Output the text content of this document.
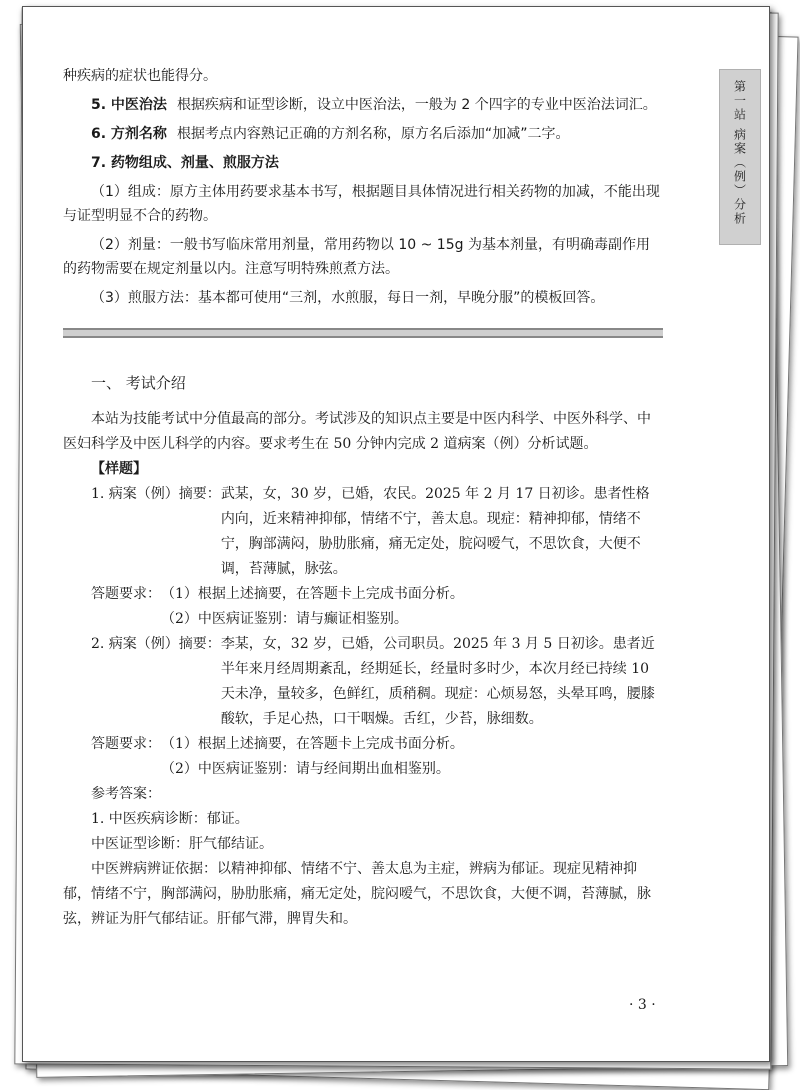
第一站 病案（例）分析

种疾病的症状也能得分。

5. 中医治法 根据疾病和证型诊断，设立中医治法，一般为 2 个四字的专业中医治法词汇。

6. 方剂名称 根据考点内容熟记正确的方剂名称，原方名后添加“加减”二字。

7. 药物组成、剂量、煎服方法

（1）组成：原方主体用药要求基本书写，根据题目具体情况进行相关药物的加减，不能出现与证型明显不合的药物。

（2）剂量：一般书写临床常用剂量，常用药物以 10 ~ 15g 为基本剂量，有明确毒副作用的药物需要在规定剂量以内。注意写明特殊煎煮方法。

（3）煎服方法：基本都可使用“三剂，水煎服，每日一剂，早晚分服”的模板回答。

一、 考试介绍

本站为技能考试中分值最高的部分。考试涉及的知识点主要是中医内科学、中医外科学、中医妇科学及中医儿科学的内容。要求考生在 50 分钟内完成 2 道病案（例）分析试题。

【样题】

1. 病案（例）摘要： 武某，女，30 岁，已婚，农民。2025 年 2 月 17 日初诊。患者性格内向，近来精神抑郁，情绪不宁，善太息。现症：精神抑郁，情绪不宁，胸部满闷，胁肋胀痛，痛无定处，脘闷嗳气，不思饮食，大便不调，苔薄腻，脉弦。
答题要求： （1）根据上述摘要，在答题卡上完成书面分析。

（2）中医病证鉴别：请与癫证相鉴别。

2. 病案（例）摘要： 李某，女，32 岁，已婚，公司职员。2025 年 3 月 5 日初诊。患者近半年来月经周期紊乱，经期延长，经量时多时少，本次月经已持续 10 天未净，量较多，色鲜红，质稍稠。现症：心烦易怒，头晕耳鸣，腰膝酸软，手足心热，口干咽燥。舌红，少苔，脉细数。
答题要求： （1）根据上述摘要，在答题卡上完成书面分析。

（2）中医病证鉴别：请与经间期出血相鉴别。

参考答案：

1. 中医疾病诊断：郁证。

中医证型诊断：肝气郁结证。

中医辨病辨证依据：以精神抑郁、情绪不宁、善太息为主症，辨病为郁证。现症见精神抑郁，情绪不宁，胸部满闷，胁肋胀痛，痛无定处，脘闷嗳气，不思饮食，大便不调，苔薄腻，脉弦，辨证为肝气郁结证。肝郁气滞，脾胃失和。

· 3 ·
